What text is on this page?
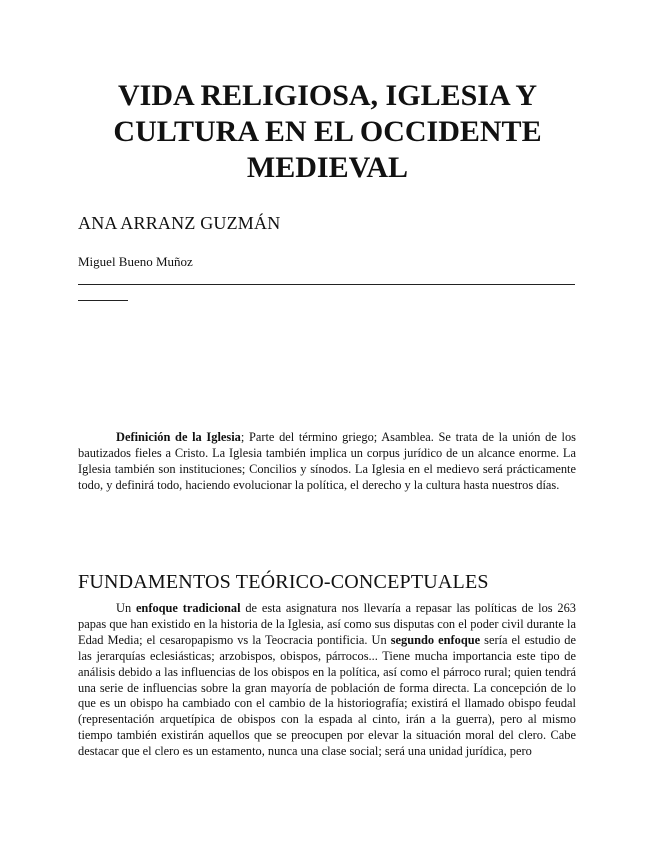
VIDA RELIGIOSA, IGLESIA Y CULTURA EN EL OCCIDENTE MEDIEVAL

ANA ARRANZ GUZMÁN

Miguel Bueno Muñoz

Definición de la Iglesia; Parte del término griego; Asamblea. Se trata de la unión de los bautizados fieles a Cristo. La Iglesia también implica un corpus jurídico de un alcance enorme. La Iglesia también son instituciones; Concilios y sínodos. La Iglesia en el medievo será prácticamente todo, y definirá todo, haciendo evolucionar la política, el derecho y la cultura hasta nuestros días.

FUNDAMENTOS TEÓRICO-CONCEPTUALES

Un enfoque tradicional de esta asignatura nos llevaría a repasar las políticas de los 263 papas que han existido en la historia de la Iglesia, así como sus disputas con el poder civil durante la Edad Media; el cesaropapismo vs la Teocracia pontificia. Un segundo enfoque sería el estudio de las jerarquías eclesiásticas; arzobispos, obispos, párrocos... Tiene mucha importancia este tipo de análisis debido a las influencias de los obispos en la política, así como el párroco rural; quien tendrá una serie de influencias sobre la gran mayoría de población de forma directa. La concepción de lo que es un obispo ha cambiado con el cambio de la historiografía; existirá el llamado obispo feudal (representación arquetípica de obispos con la espada al cinto, irán a la guerra), pero al mismo tiempo también existirán aquellos que se preocupen por elevar la situación moral del clero. Cabe destacar que el clero es un estamento, nunca una clase social; será una unidad jurídica, pero
